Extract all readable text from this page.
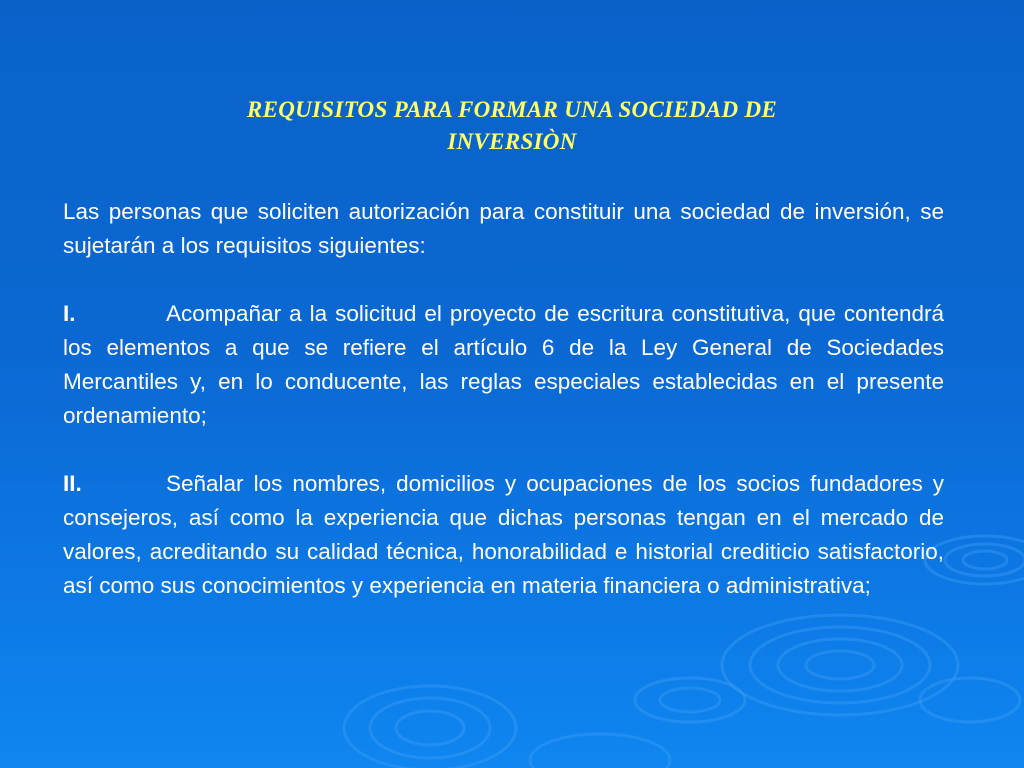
REQUISITOS PARA FORMAR UNA SOCIEDAD DE
INVERSIÒN

Las personas que soliciten autorización para constituir una sociedad de inversión, se sujetarán a los requisitos siguientes:

I.	Acompañar a la solicitud el proyecto de escritura constitutiva, que contendrá los elementos a que se refiere el artículo 6 de la Ley General de Sociedades Mercantiles y, en lo conducente, las reglas especiales establecidas en el presente ordenamiento;

II.	Señalar los nombres, domicilios y ocupaciones de los socios fundadores y consejeros, así como la experiencia que dichas personas tengan en el mercado de valores, acreditando su calidad técnica, honorabilidad e historial crediticio satisfactorio, así como sus conocimientos y experiencia en materia financiera o administrativa;
